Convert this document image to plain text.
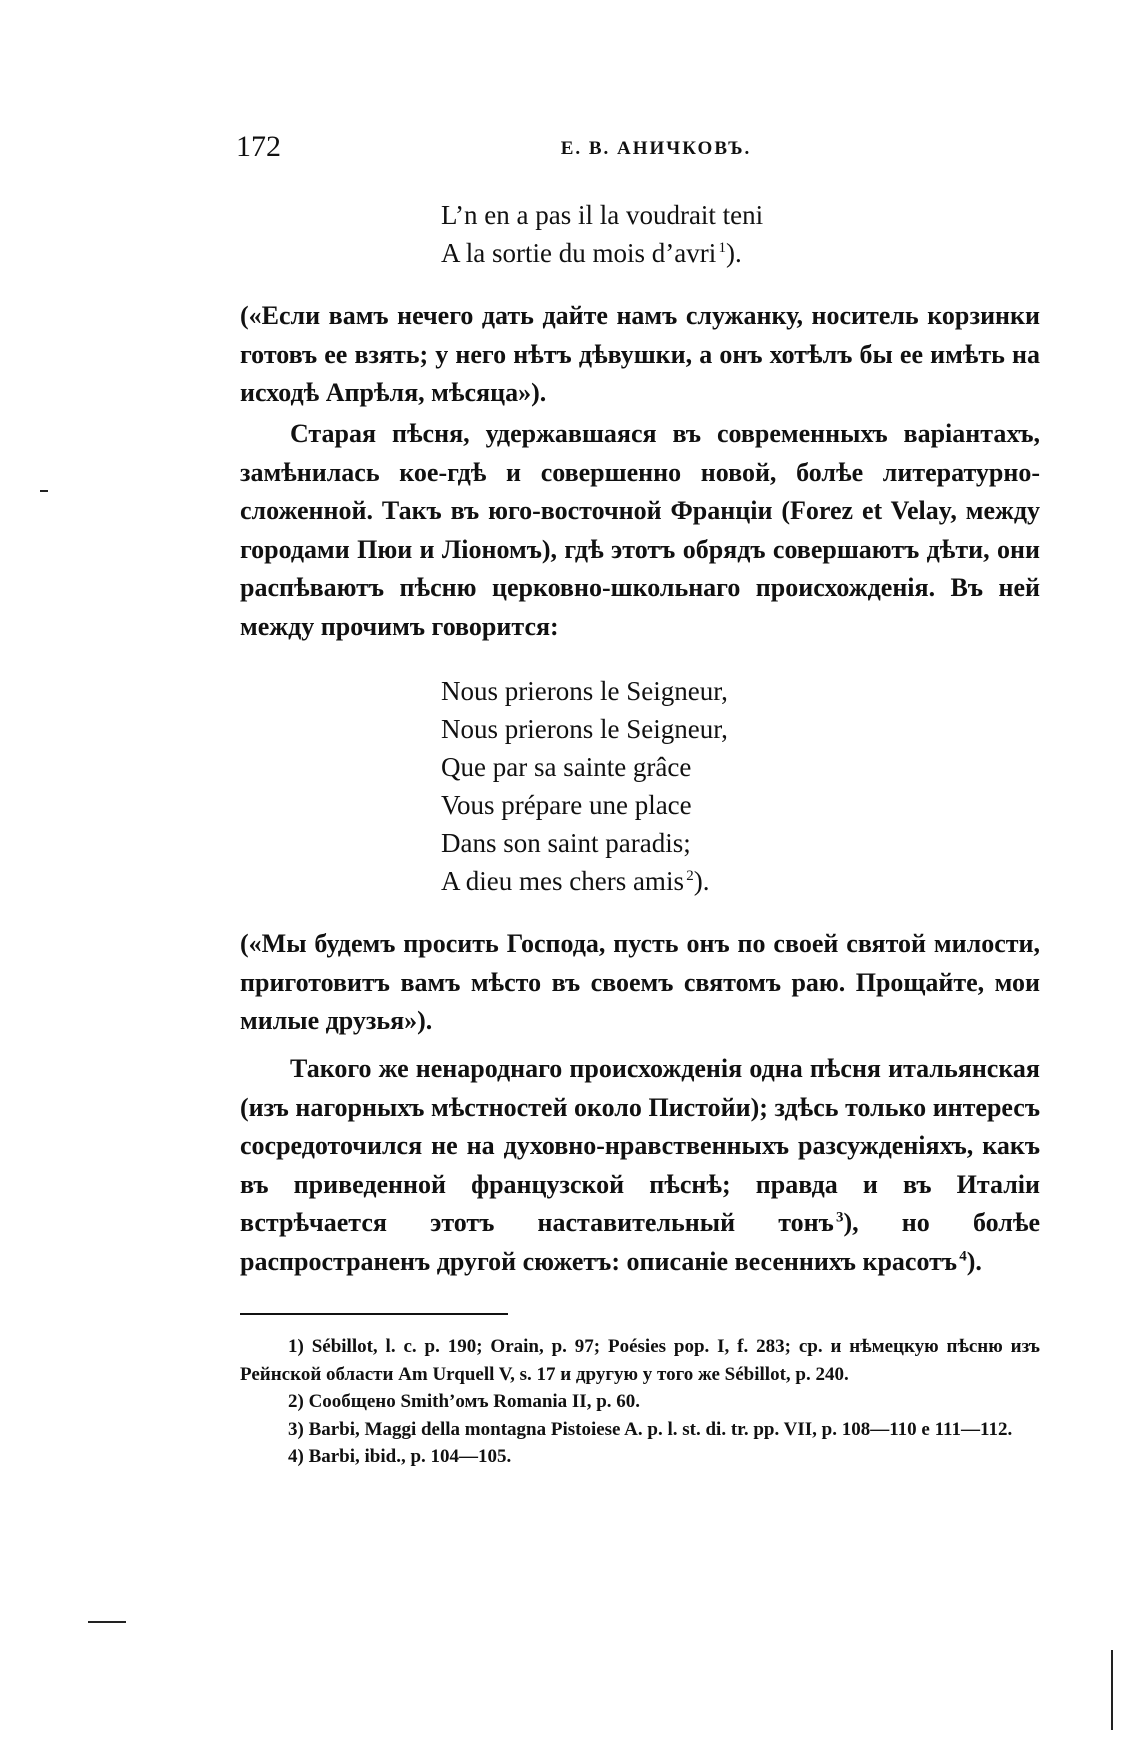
172	Е. В. АНИЧКОВЪ.
L’n en a pas il la voudrait teni
A la sortie du mois d’avri  $^1$).
(«Если вамъ нечего дать дайте намъ служанку, носитель корзинки готовъ ее взять; у него нѣтъ дѣвушки, а онъ хотѣлъ бы ее имѣть на исходѣ Апрѣля, мѣсяца»).
Старая пѣсня, удержавшаяся въ современныхъ варіантахъ, замѣнилась кое-гдѣ и совершенно новой, болѣе литературно-сложенной. Такъ въ юго-восточной Франціи (Forez et Velay, между городами Пюи и Ліономъ), гдѣ этотъ обрядъ совершаютъ дѣти, они распѣваютъ пѣсню церковно-школьнаго происхожденія. Въ ней между прочимъ говорится:
Nous prierons le Seigneur,
Nous prierons le Seigneur,
Que par sa sainte grâce
Vous prépare une place
Dans son saint paradis;
A dieu mes chers amis  $^2$).
(«Мы будемъ просить Господа, пусть онъ по своей святой милости, приготовитъ вамъ мѣсто въ своемъ святомъ раю. Прощайте, мои милые друзья»).
Такого же ненароднаго происхожденія одна пѣсня итальянская (изъ нагорныхъ мѣстностей около Пистойи); здѣсь только интересъ сосредоточился не на духовно-нравственныхъ разсужденіяхъ, какъ въ приведенной французской пѣснѣ; правда и въ Италіи встрѣчается этотъ наставительный тонъ  $^3$), но болѣе распространенъ другой сюжетъ: описаніе весеннихъ красотъ  $^4$).
1) Sébillot, l. c. p. 190; Orain, p. 97; Poésies pop. I, f. 283; ср. и нѣмецкую пѣсню изъ Рейнской области Am Urquell V, s. 17 и другую у того же Sébillot, p. 240.
2) Сообщено Smith’омъ Romania II, p. 60.
3) Barbi, Maggi della montagna Pistoiese A. p. l. st. di. tr. pp. VII, p. 108—110 e 111—112.
4) Barbi, ibid., p. 104—105.
